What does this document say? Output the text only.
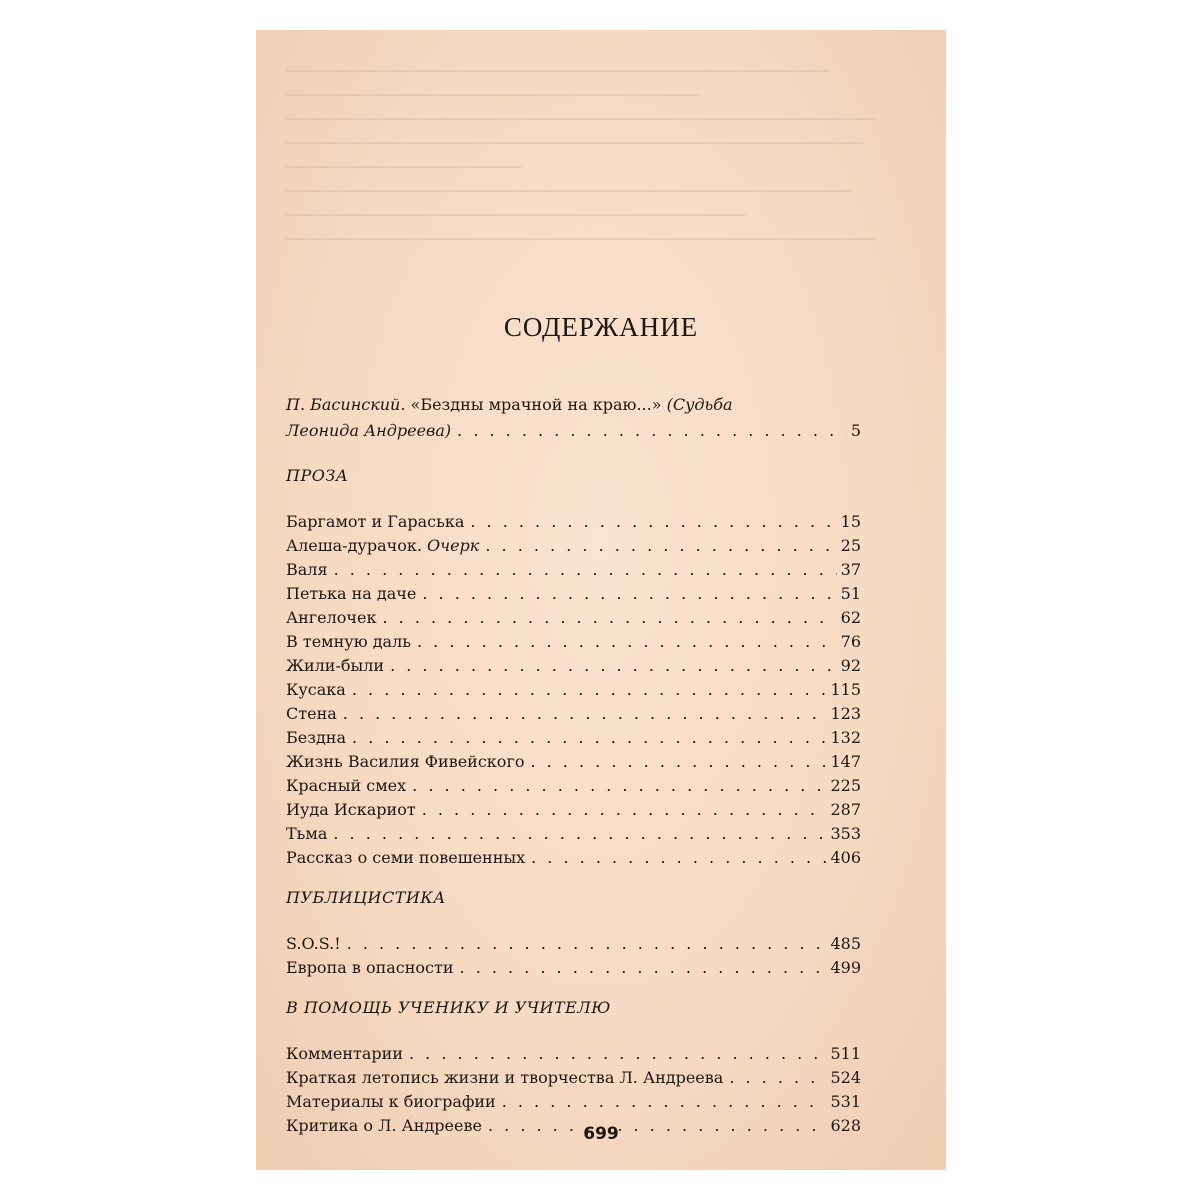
СОДЕРЖАНИЕ
П. Басинский. «Бездны мрачной на краю...» (Судьба
Леонида Андреева) . . .	5
ПРОЗА
Баргамот и Гараська . . .	15
Алеша-дурачок. Очерк . . .	25
Валя . . .	37
Петька на даче . . .	51
Ангелочек . . .	62
В темную даль . . .	76
Жили-были . . .	92
Кусака . . .	115
Стена . . .	123
Бездна . . .	132
Жизнь Василия Фивейского . . .	147
Красный смех . . .	225
Иуда Искариот . . .	287
Тьма . . .	353
Рассказ о семи повешенных . . .	406
ПУБЛИЦИСТИКА
S.O.S.! . . .	485
Европа в опасности . . .	499
В ПОМОЩЬ УЧЕНИКУ И УЧИТЕЛЮ
Комментарии . . .	511
Краткая летопись жизни и творчества Л. Андреева . . .	524
Материалы к биографии . . .	531
Критика о Л. Андрееве . . .	628
699
